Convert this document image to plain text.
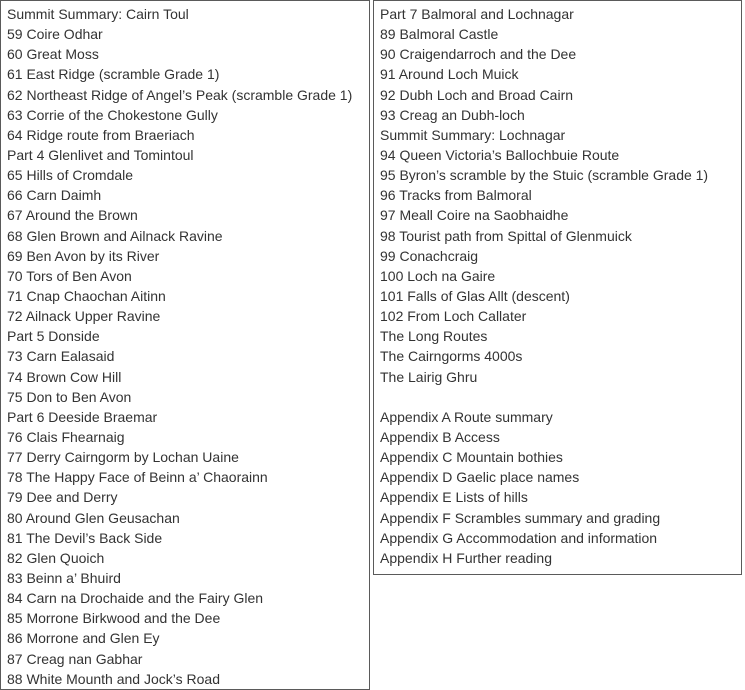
Summit Summary: Cairn Toul
59 Coire Odhar
60 Great Moss
61 East Ridge (scramble Grade 1)
62 Northeast Ridge of Angel’s Peak (scramble Grade 1)
63 Corrie of the Chokestone Gully
64 Ridge route from Braeriach
Part 4 Glenlivet and Tomintoul
65 Hills of Cromdale
66 Carn Daimh
67 Around the Brown
68 Glen Brown and Ailnack Ravine
69 Ben Avon by its River
70 Tors of Ben Avon
71 Cnap Chaochan Aitinn
72 Ailnack Upper Ravine
Part 5 Donside
73 Carn Ealasaid
74 Brown Cow Hill
75 Don to Ben Avon
Part 6 Deeside Braemar
76 Clais Fhearnaig
77 Derry Cairngorm by Lochan Uaine
78 The Happy Face of Beinn a’ Chaorainn
79 Dee and Derry
80 Around Glen Geusachan
81 The Devil’s Back Side
82 Glen Quoich
83 Beinn a’ Bhuird
84 Carn na Drochaide and the Fairy Glen
85 Morrone Birkwood and the Dee
86 Morrone and Glen Ey
87 Creag nan Gabhar
88 White Mounth and Jock’s Road
Part 7 Balmoral and Lochnagar
89 Balmoral Castle
90 Craigendarroch and the Dee
91 Around Loch Muick
92 Dubh Loch and Broad Cairn
93 Creag an Dubh-loch
Summit Summary: Lochnagar
94 Queen Victoria’s Ballochbuie Route
95 Byron’s scramble by the Stuic (scramble Grade 1)
96 Tracks from Balmoral
97 Meall Coire na Saobhaidhe
98 Tourist path from Spittal of Glenmuick
99 Conachcraig
100 Loch na Gaire
101 Falls of Glas Allt (descent)
102 From Loch Callater
The Long Routes
The Cairngorms 4000s
The Lairig Ghru
Appendix A Route summary
Appendix B Access
Appendix C Mountain bothies
Appendix D Gaelic place names
Appendix E Lists of hills
Appendix F Scrambles summary and grading
Appendix G Accommodation and information
Appendix H Further reading
